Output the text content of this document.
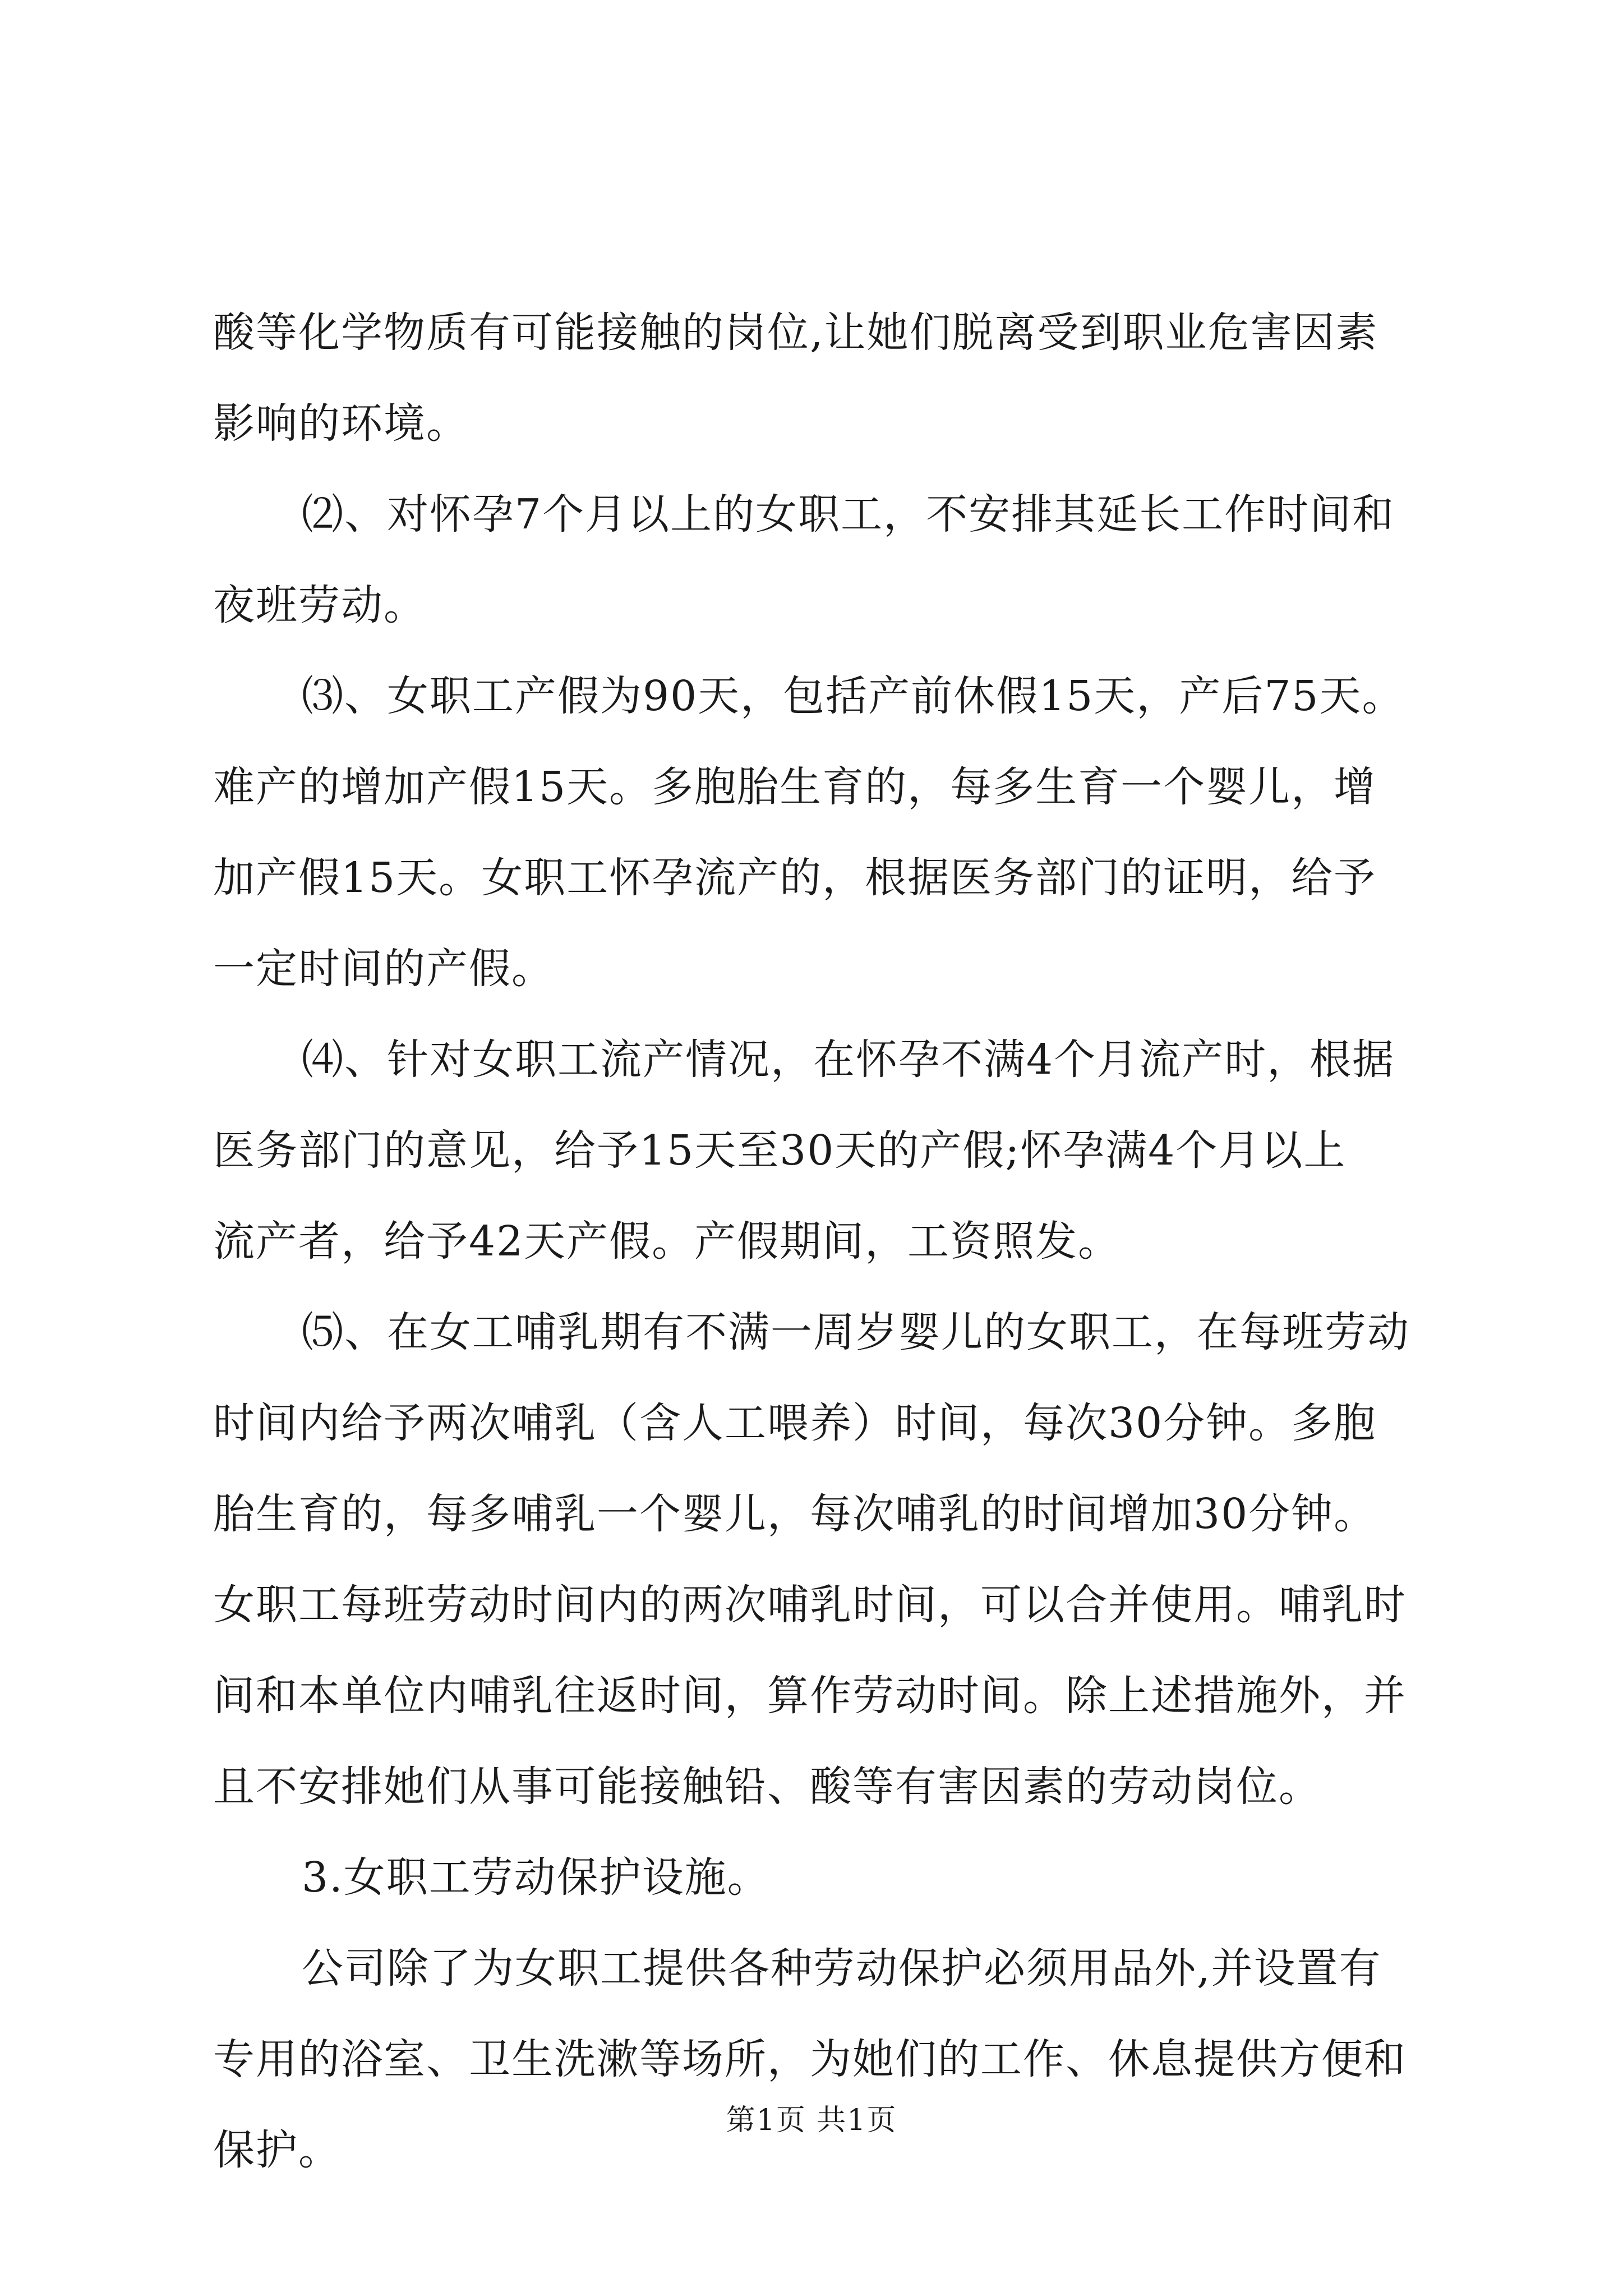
酸等化学物质有可能接触的岗位,让她们脱离受到职业危害因素
影响的环境。
⑵、对怀孕7个月以上的女职工，不安排其延长工作时间和
夜班劳动。
⑶、女职工产假为90天，包括产前休假15天，产后75天。
难产的增加产假15天。多胞胎生育的，每多生育一个婴儿，增
加产假15天。女职工怀孕流产的，根据医务部门的证明，给予
一定时间的产假。
⑷、针对女职工流产情况，在怀孕不满4个月流产时，根据
医务部门的意见，给予15天至30天的产假;怀孕满4个月以上
流产者，给予42天产假。产假期间，工资照发。
⑸、在女工哺乳期有不满一周岁婴儿的女职工，在每班劳动
时间内给予两次哺乳（含人工喂养）时间，每次30分钟。多胞
胎生育的，每多哺乳一个婴儿，每次哺乳的时间增加30分钟。
女职工每班劳动时间内的两次哺乳时间，可以合并使用。哺乳时
间和本单位内哺乳往返时间，算作劳动时间。除上述措施外，并
且不安排她们从事可能接触铅、酸等有害因素的劳动岗位。
3.女职工劳动保护设施。
公司除了为女职工提供各种劳动保护必须用品外,并设置有
专用的浴室、卫生洗漱等场所，为她们的工作、休息提供方便和
保护。
第1页 共1页
